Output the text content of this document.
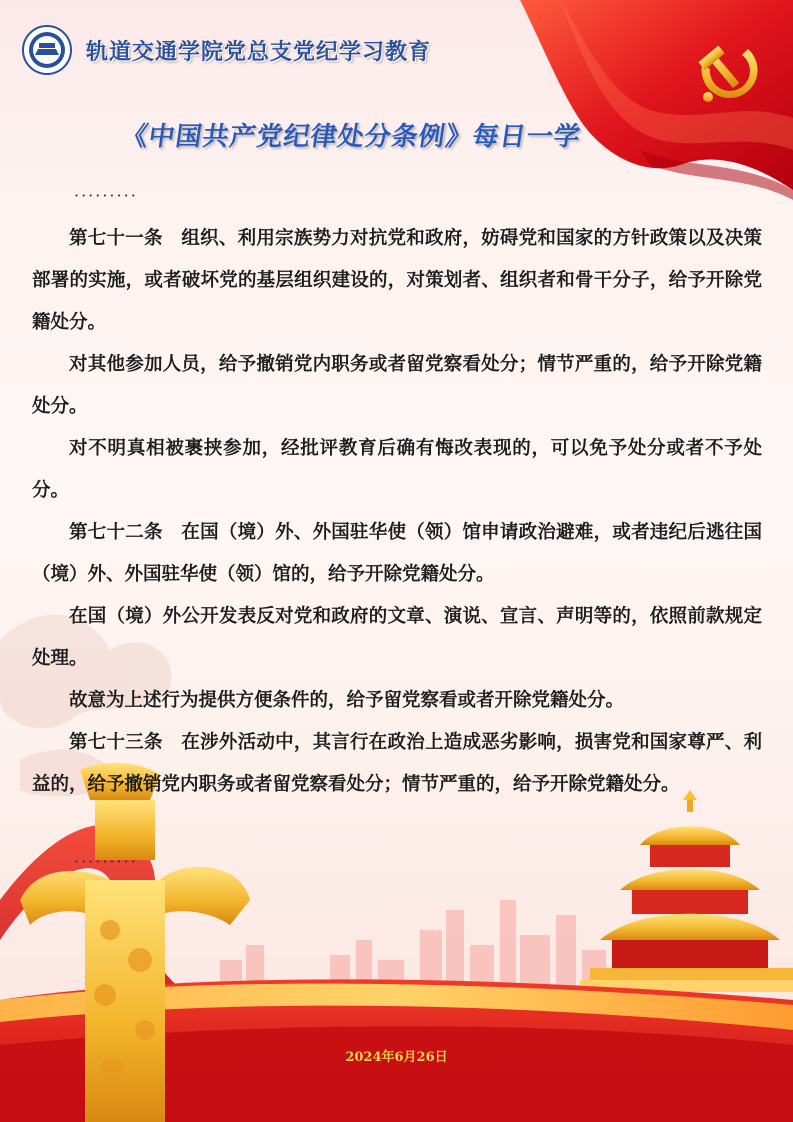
轨道交通学院党总支党纪学习教育
《中国共产党纪律处分条例》每日一学
·········

第七十一条　组织、利用宗族势力对抗党和政府，妨碍党和国家的方针政策以及决策部署的实施，或者破坏党的基层组织建设的，对策划者、组织者和骨干分子，给予开除党籍处分。

对其他参加人员，给予撤销党内职务或者留党察看处分；情节严重的，给予开除党籍处分。

对不明真相被裹挟参加，经批评教育后确有悔改表现的，可以免予处分或者不予处分。

第七十二条　在国（境）外、外国驻华使（领）馆申请政治避难，或者违纪后逃往国（境）外、外国驻华使（领）馆的，给予开除党籍处分。

在国（境）外公开发表反对党和政府的文章、演说、宣言、声明等的，依照前款规定处理。

故意为上述行为提供方便条件的，给予留党察看或者开除党籍处分。

第七十三条　在涉外活动中，其言行在政治上造成恶劣影响，损害党和国家尊严、利益的，给予撤销党内职务或者留党察看处分；情节严重的，给予开除党籍处分。

·········
2024年6月26日
